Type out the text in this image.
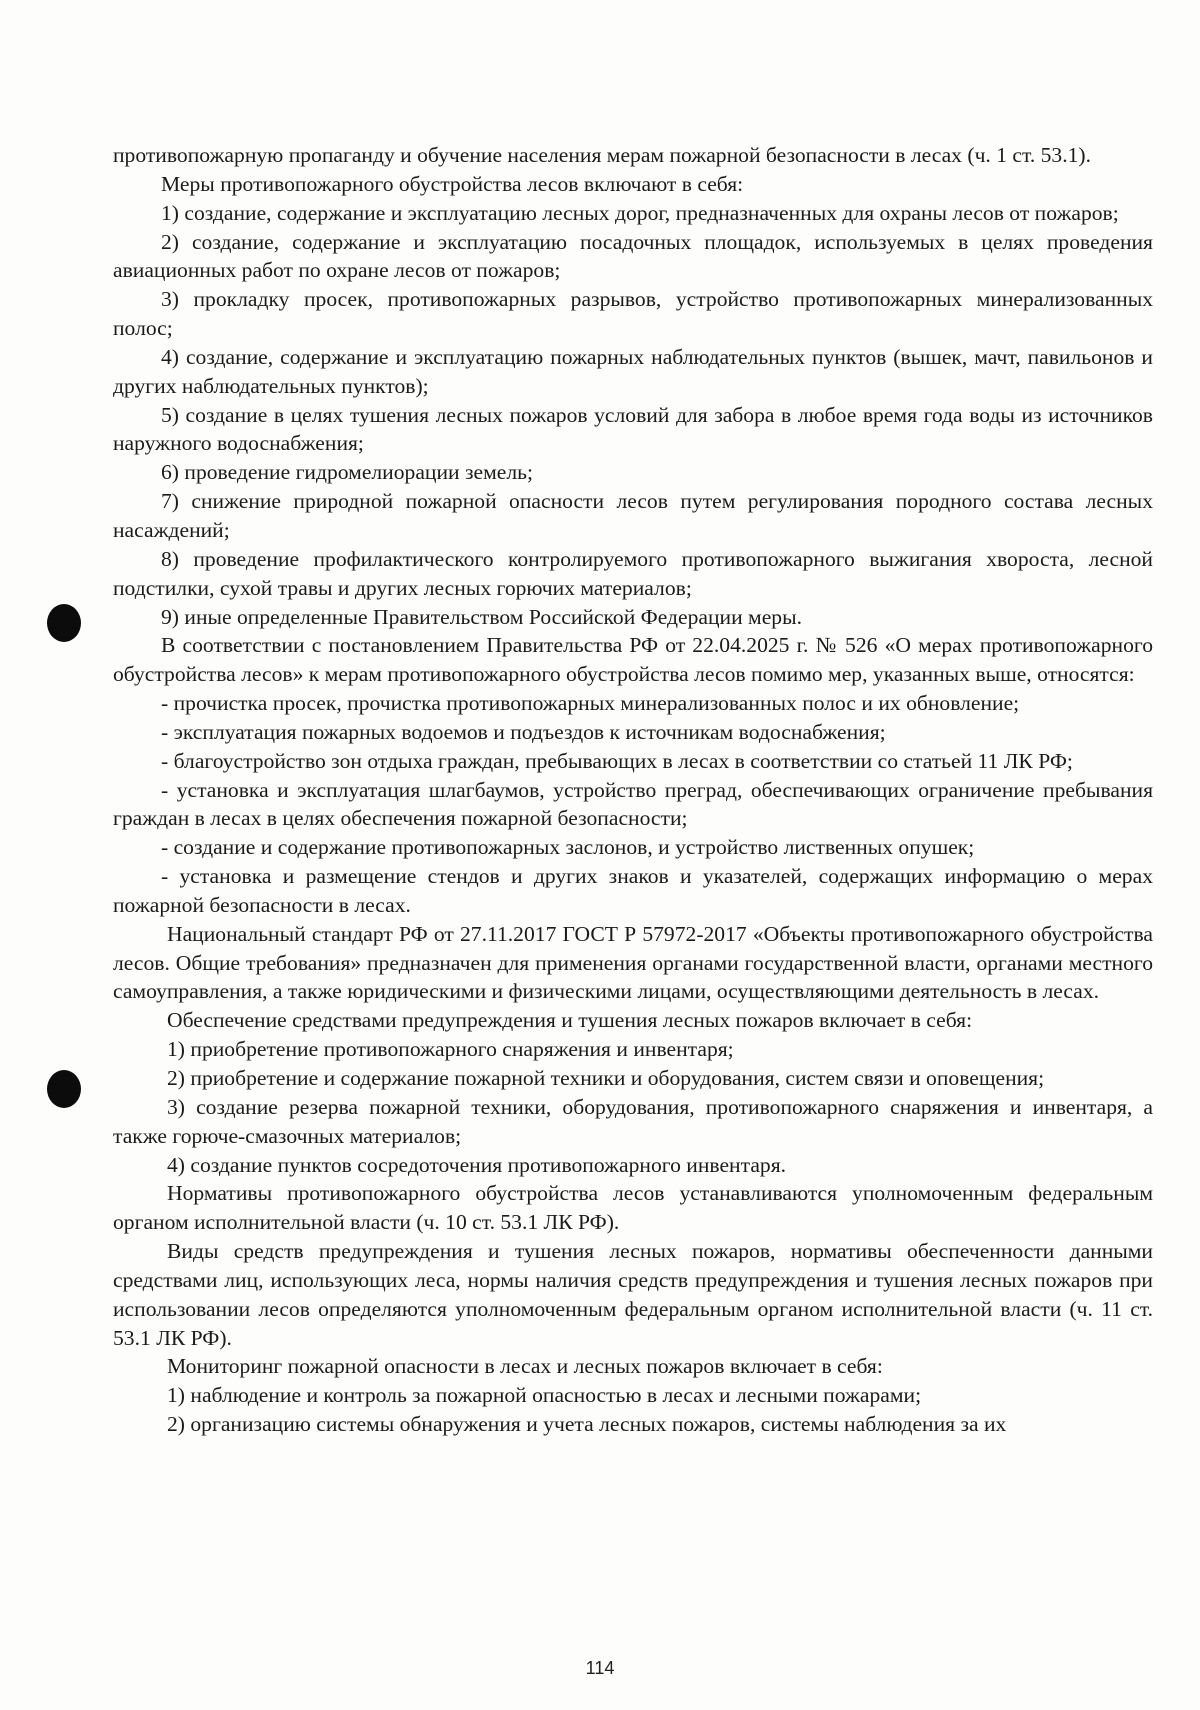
противопожарную пропаганду и обучение населения мерам пожарной безопасности в лесах (ч. 1 ст. 53.1).

Меры противопожарного обустройства лесов включают в себя:

1) создание, содержание и эксплуатацию лесных дорог, предназначенных для охраны лесов от пожаров;

2) создание, содержание и эксплуатацию посадочных площадок, используемых в целях проведения авиационных работ по охране лесов от пожаров;

3) прокладку просек, противопожарных разрывов, устройство противопожарных минерализованных полос;

4) создание, содержание и эксплуатацию пожарных наблюдательных пунктов (вышек, мачт, павильонов и других наблюдательных пунктов);

5) создание в целях тушения лесных пожаров условий для забора в любое время года воды из источников наружного водоснабжения;

6) проведение гидромелиорации земель;

7) снижение природной пожарной опасности лесов путем регулирования породного состава лесных насаждений;

8) проведение профилактического контролируемого противопожарного выжигания хвороста, лесной подстилки, сухой травы и других лесных горючих материалов;

9) иные определенные Правительством Российской Федерации меры.

В соответствии с постановлением Правительства РФ от 22.04.2025 г. № 526 «О мерах противопожарного обустройства лесов» к мерам противопожарного обустройства лесов помимо мер, указанных выше, относятся:

- прочистка просек, прочистка противопожарных минерализованных полос и их обновление;

- эксплуатация пожарных водоемов и подъездов к источникам водоснабжения;

- благоустройство зон отдыха граждан, пребывающих в лесах в соответствии со статьей 11 ЛК РФ;

- установка и эксплуатация шлагбаумов, устройство преград, обеспечивающих ограничение пребывания граждан в лесах в целях обеспечения пожарной безопасности;

- создание и содержание противопожарных заслонов, и устройство лиственных опушек;

- установка и размещение стендов и других знаков и указателей, содержащих информацию о мерах пожарной безопасности в лесах.

Национальный стандарт РФ от 27.11.2017 ГОСТ Р 57972-2017 «Объекты противопожарного обустройства лесов. Общие требования» предназначен для применения органами государственной власти, органами местного самоуправления, а также юридическими и физическими лицами, осуществляющими деятельность в лесах.

Обеспечение средствами предупреждения и тушения лесных пожаров включает в себя:

1) приобретение противопожарного снаряжения и инвентаря;

2) приобретение и содержание пожарной техники и оборудования, систем связи и оповещения;

3) создание резерва пожарной техники, оборудования, противопожарного снаряжения и инвентаря, а также горюче-смазочных материалов;

4) создание пунктов сосредоточения противопожарного инвентаря.

Нормативы противопожарного обустройства лесов устанавливаются уполномоченным федеральным органом исполнительной власти (ч. 10 ст. 53.1 ЛК РФ).

Виды средств предупреждения и тушения лесных пожаров, нормативы обеспеченности данными средствами лиц, использующих леса, нормы наличия средств предупреждения и тушения лесных пожаров при использовании лесов определяются уполномоченным федеральным органом исполнительной власти (ч. 11 ст. 53.1 ЛК РФ).

Мониторинг пожарной опасности в лесах и лесных пожаров включает в себя:

1) наблюдение и контроль за пожарной опасностью в лесах и лесными пожарами;

2) организацию системы обнаружения и учета лесных пожаров, системы наблюдения за их

114
